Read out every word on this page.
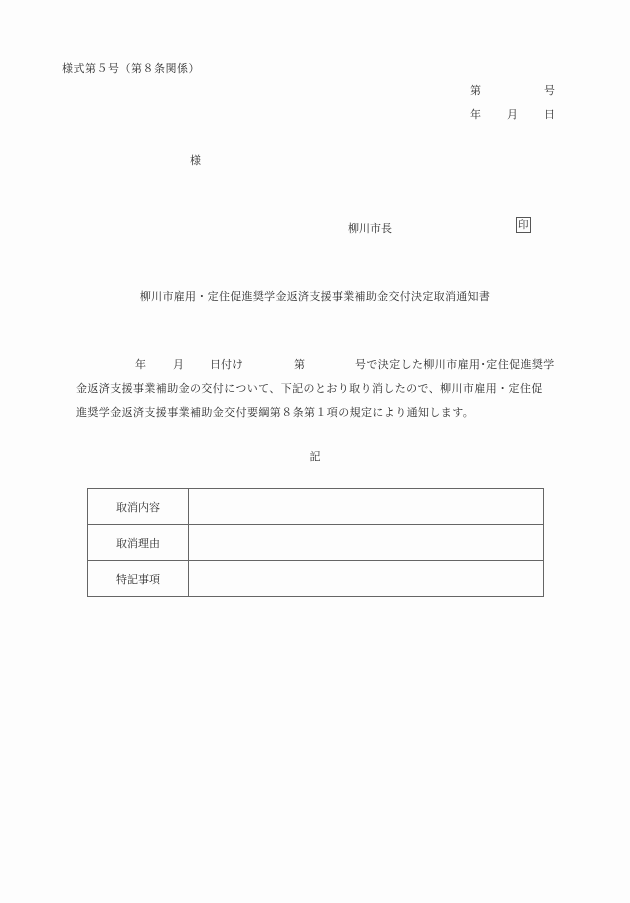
様式第５号（第８条関係）
第	号
年 月 日
様
柳川市長	印
柳川市雇用・定住促進奨学金返済支援事業補助金交付決定取消通知書
年 月 日付け	第	号で決定した柳川市雇用･定住促進奨学
金返済支援事業補助金の交付について、下記のとおり取り消したので、柳川市雇用・定住促
進奨学金返済支援事業補助金交付要綱第８条第１項の規定により通知します。
記
取消内容	
取消理由	
特記事項	
